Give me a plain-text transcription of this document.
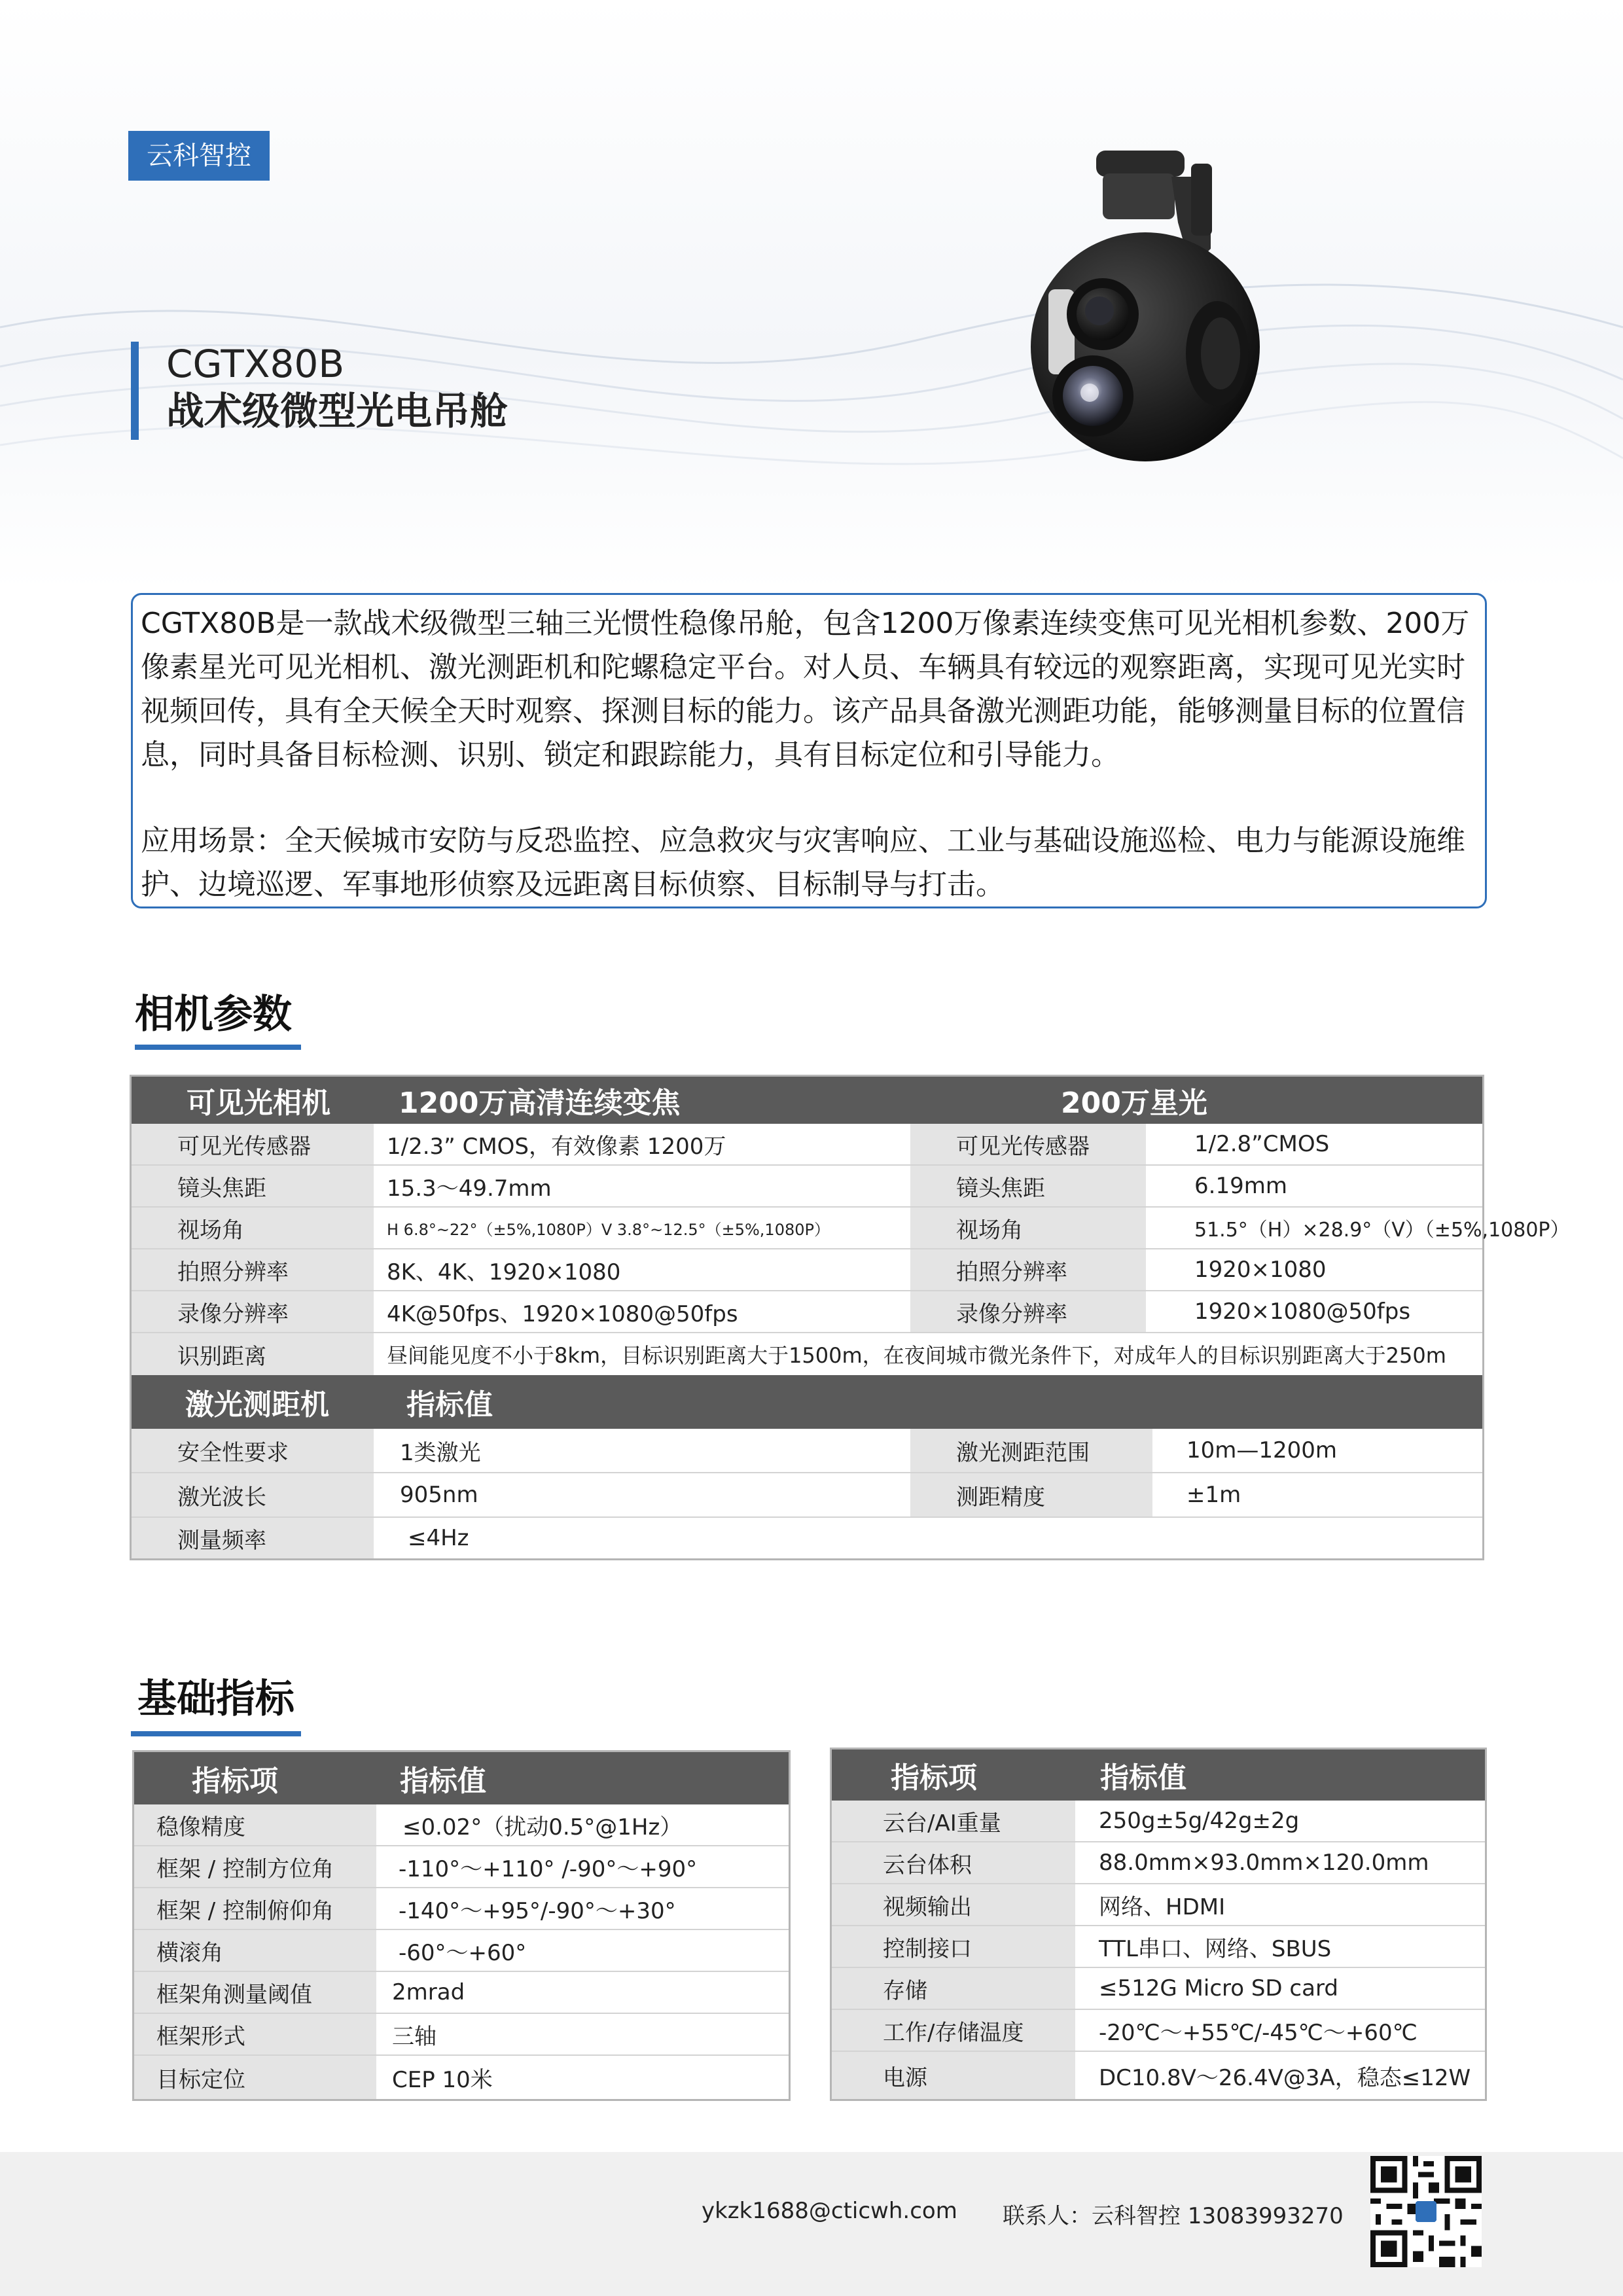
云科智控
CGTX80B
战术级微型光电吊舱

CGTX80B是一款战术级微型三轴三光惯性稳像吊舱，包含1200万像素连续变焦可见光相机参数、200万像素星光可见光相机、激光测距机和陀螺稳定平台。对人员、车辆具有较远的观察距离，实现可见光实时视频回传，具有全天候全天时观察、探测目标的能力。该产品具备激光测距功能，能够测量目标的位置信息，同时具备目标检测、识别、锁定和跟踪能力，具有目标定位和引导能力。

应用场景：全天候城市安防与反恐监控、应急救灾与灾害响应、工业与基础设施巡检、电力与能源设施维护、边境巡逻、军事地形侦察及远距离目标侦察、目标制导与打击。

相机参数
可见光相机 1200万高清连续变焦	200万星光
可见光传感器	1/2.3” CMOS，有效像素 1200万	可见光传感器	1/2.8”CMOS
镜头焦距	15.3～49.7mm	镜头焦距	6.19mm
视场角	H 6.8°~22°（±5%,1080P）V 3.8°~12.5°（±5%,1080P）	视场角	51.5°（H）×28.9°（V）（±5%,1080P）
拍照分辨率	8K、4K、1920×1080	拍照分辨率	1920×1080
录像分辨率	4K@50fps、1920×1080@50fps	录像分辨率	1920×1080@50fps
识别距离	昼间能见度不小于8km，目标识别距离大于1500m，在夜间城市微光条件下，对成年人的目标识别距离大于250m
激光测距机	指标值
安全性要求	1类激光	激光测距范围	10m—1200m
激光波长	905nm	测距精度	±1m
测量频率	≤4Hz
基础指标
指标项	指标值
稳像精度	≤0.02°（扰动0.5°@1Hz）
框架 / 控制方位角	-110°～+110° /-90°～+90°
框架 / 控制俯仰角	-140°～+95°/-90°～+30°
横滚角	-60°～+60°
框架角测量阈值	2mrad
框架形式	三轴
目标定位	CEP 10米
指标项	指标值
云台/AI重量	250g±5g/42g±2g
云台体积	88.0mm×93.0mm×120.0mm
视频输出	网络、HDMI
控制接口	TTL串口、网络、SBUS
存储	≤512G Micro SD card
工作/存储温度	-20℃～+55℃/-45℃～+60℃
电源	DC10.8V～26.4V@3A，稳态≤12W
ykzk1688@cticwh.com 联系人：云科智控 13083993270
